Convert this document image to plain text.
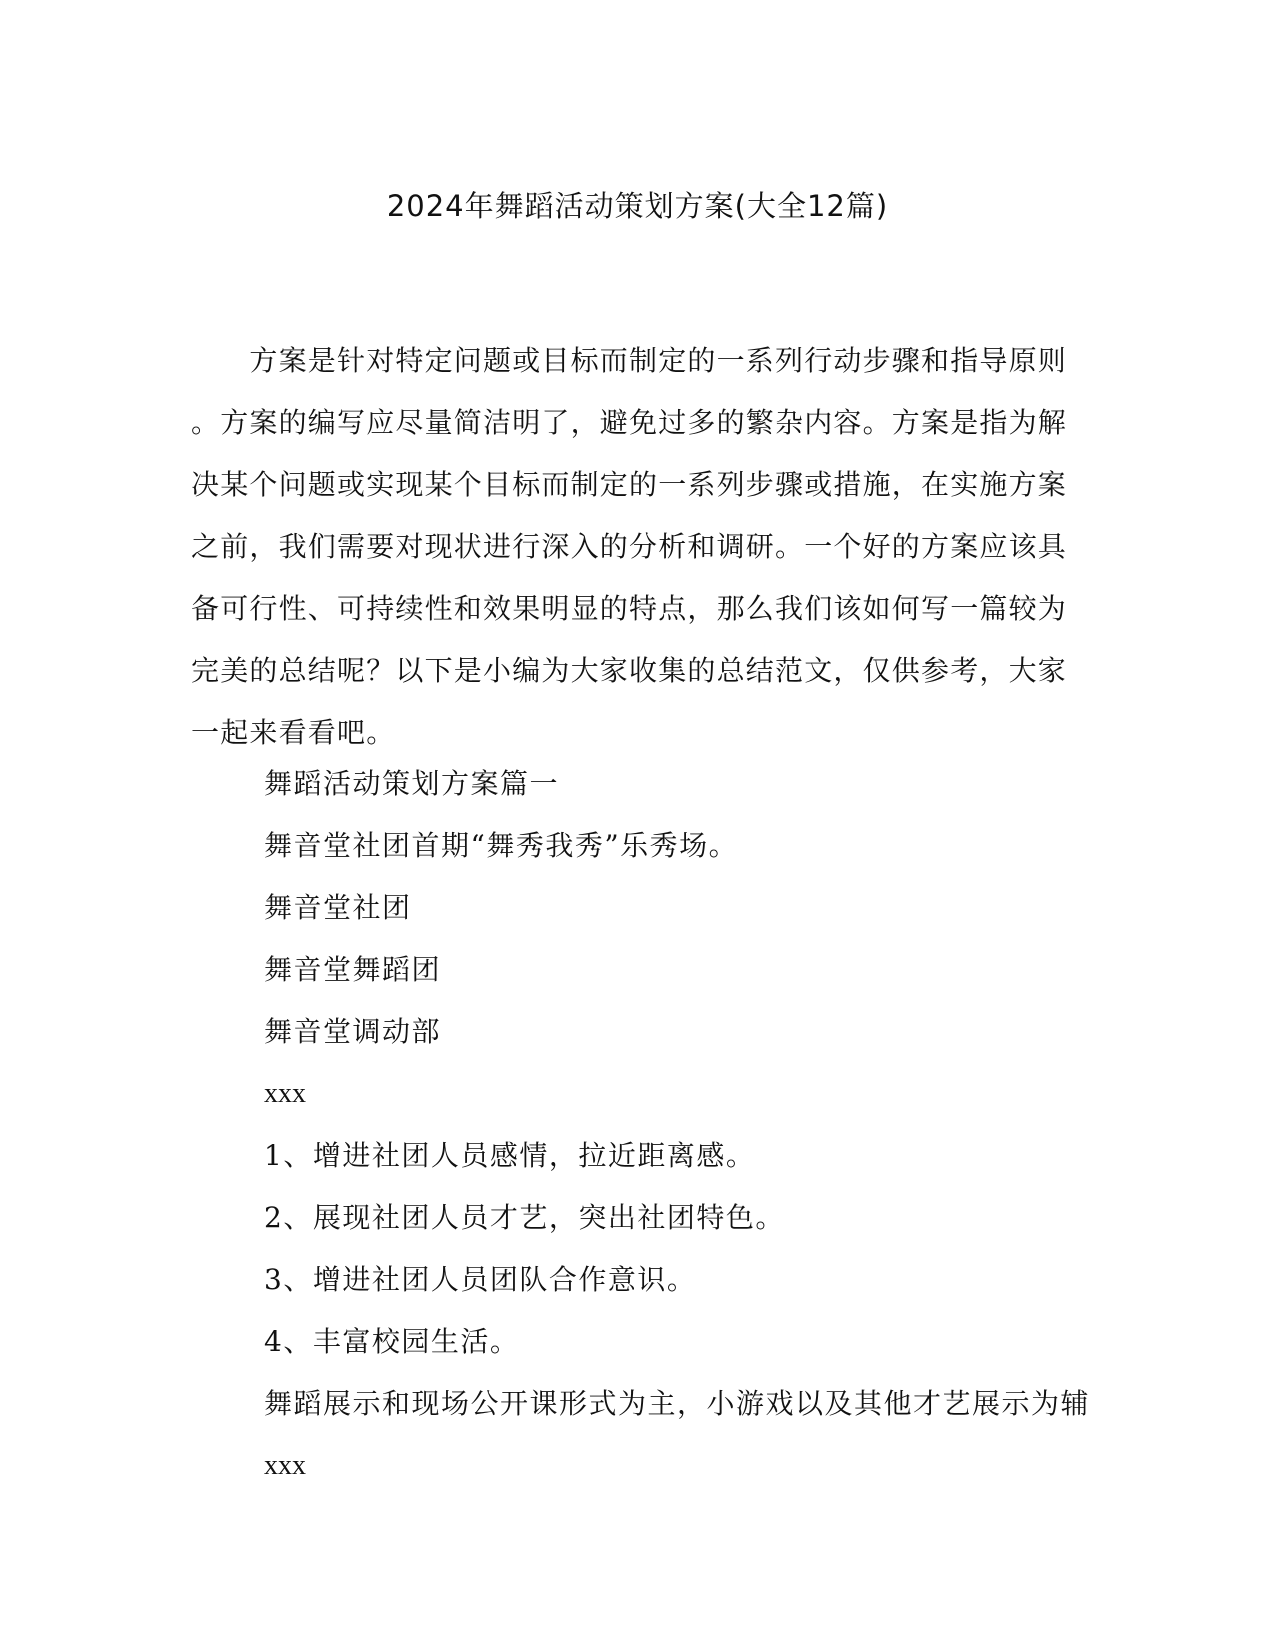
2024年舞蹈活动策划方案(大全12篇)

　　方案是针对特定问题或目标而制定的一系列行动步骤和指导原则

。方案的编写应尽量简洁明了，避免过多的繁杂内容。方案是指为解

决某个问题或实现某个目标而制定的一系列步骤或措施，在实施方案

之前，我们需要对现状进行深入的分析和调研。一个好的方案应该具

备可行性、可持续性和效果明显的特点，那么我们该如何写一篇较为

完美的总结呢？以下是小编为大家收集的总结范文，仅供参考，大家

一起来看看吧。

舞蹈活动策划方案篇一
舞音堂社团首期“舞秀我秀”乐秀场。
舞音堂社团
舞音堂舞蹈团
舞音堂调动部
xxx
1、增进社团人员感情，拉近距离感。
2、展现社团人员才艺，突出社团特色。
3、增进社团人员团队合作意识。
4、丰富校园生活。
舞蹈展示和现场公开课形式为主，小游戏以及其他才艺展示为辅
xxx
